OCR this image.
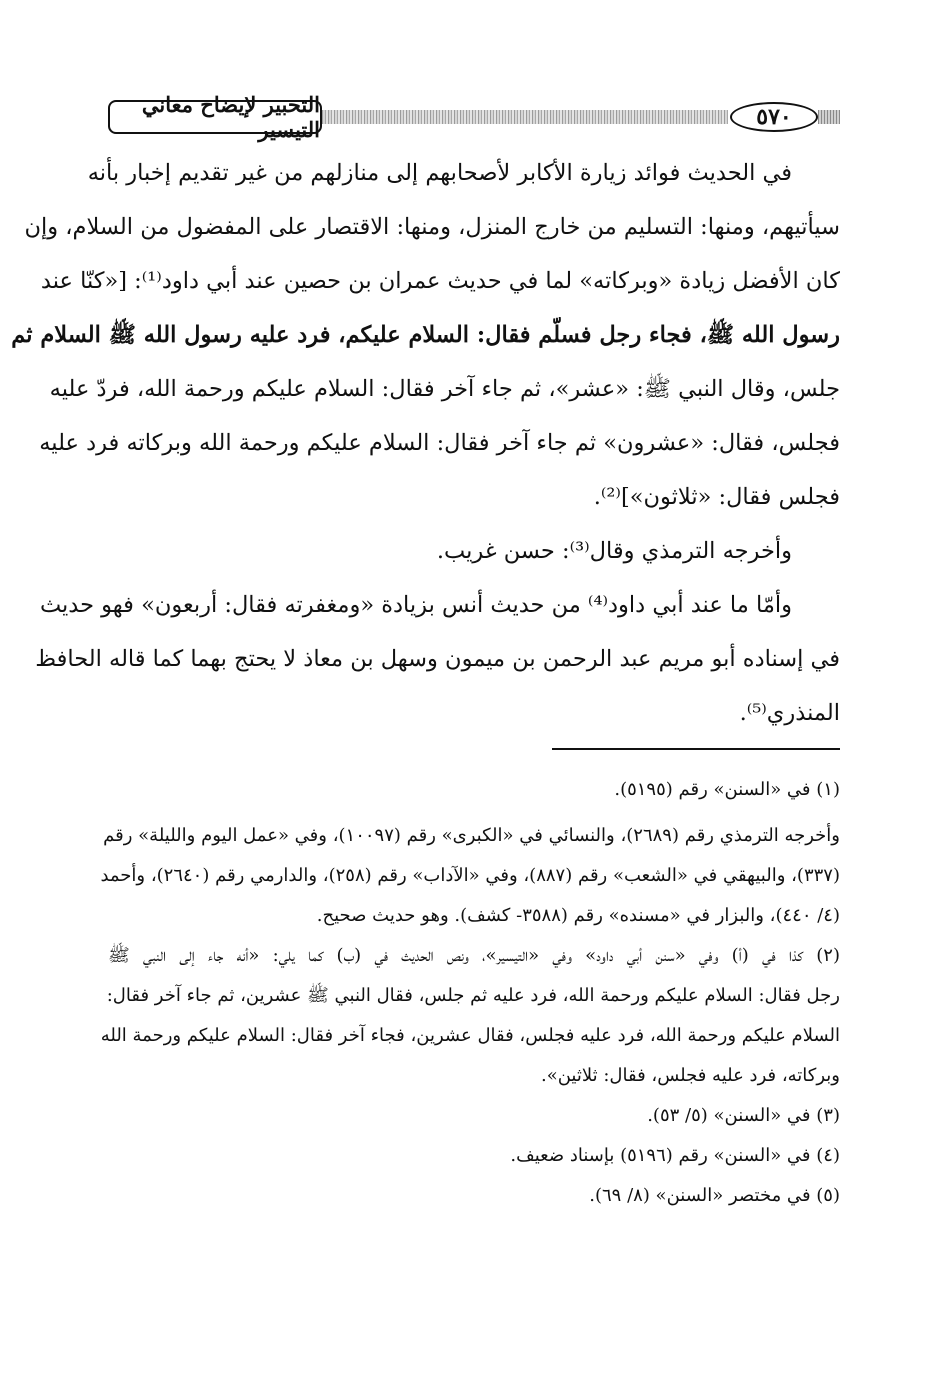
التحبير لإيضاح معاني التيسير	٥٧٠
في الحديث فوائد زيارة الأكابر لأصحابهم إلى منازلهم من غير تقديم إخبار بأنه
سيأتيهم، ومنها: التسليم من خارج المنزل، ومنها: الاقتصار على المفضول من السلام، وإن
كان الأفضل زيادة «وبركاته» لما في حديث عمران بن حصين عند أبي داود⁽¹⁾: [«كنّا عند
رسول الله ﷺ، فجاء رجل فسلّم فقال: السلام عليكم، فرد عليه رسول الله ﷺ السلام ثم
جلس، وقال النبي ﷺ: «عشر»، ثم جاء آخر فقال: السلام عليكم ورحمة الله، فردّ عليه
فجلس، فقال: «عشرون» ثم جاء آخر فقال: السلام عليكم ورحمة الله وبركاته فرد عليه
فجلس فقال: «ثلاثون»]⁽²⁾.
وأخرجه الترمذي وقال⁽³⁾: حسن غريب.
وأمّا ما عند أبي داود⁽⁴⁾ من حديث أنس بزيادة «ومغفرته فقال: أربعون» فهو حديث
في إسناده أبو مريم عبد الرحمن بن ميمون وسهل بن معاذ لا يحتج بهما كما قاله الحافظ
المنذري⁽⁵⁾.
(١) في «السنن» رقم (٥١٩٥).
وأخرجه الترمذي رقم (٢٦٨٩)، والنسائي في «الكبرى» رقم (١٠٠٩٧)، وفي «عمل اليوم والليلة» رقم
(٣٣٧)، والبيهقي في «الشعب» رقم (٨٨٧)، وفي «الآداب» رقم (٢٥٨)، والدارمي رقم (٢٦٤٠)، وأحمد
(٤/ ٤٤٠)، والبزار في «مسنده» رقم (٣٥٨٨- كشف). وهو حديث صحيح.
(٢) كذا في (أ) وفي «سنن أبي داود» وفي «التيسير»، ونص الحديث في (ب) كما يلي: «أنه جاء إلى النبي ﷺ
رجل فقال: السلام عليكم ورحمة الله، فرد عليه ثم جلس، فقال النبي ﷺ عشرين، ثم جاء آخر فقال:
السلام عليكم ورحمة الله، فرد عليه فجلس، فقال عشرين، فجاء آخر فقال: السلام عليكم ورحمة الله
وبركاته، فرد عليه فجلس، فقال: ثلاثين».
(٣) في «السنن» (٥/ ٥٣).
(٤) في «السنن» رقم (٥١٩٦) بإسناد ضعيف.
(٥) في مختصر «السنن» (٨/ ٦٩).
